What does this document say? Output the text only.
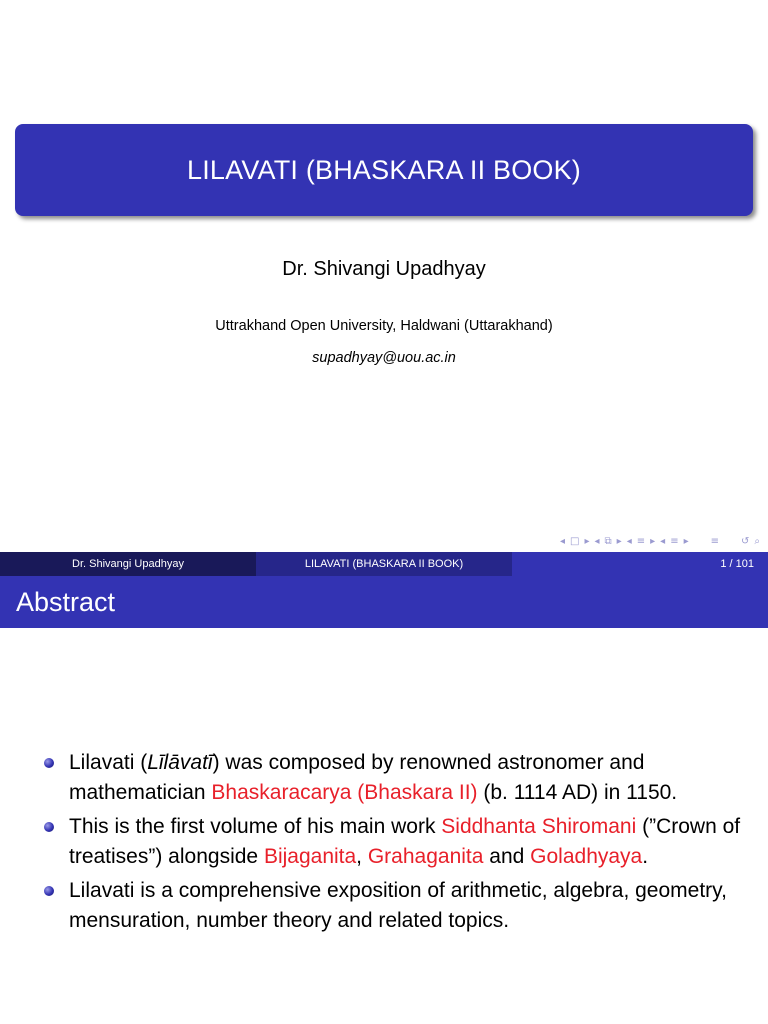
LILAVATI (BHASKARA II BOOK)
Dr. Shivangi Upadhyay
Uttrakhand Open University, Haldwani (Uttarakhand)
supadhyay@uou.ac.in
◂ □ ▸ ◂ ⧉ ▸ ◂ ≡ ▸ ◂ ≡ ▸ ≡ ↺ ⌕
Dr. Shivangi Upadhyay	LILAVATI (BHASKARA II BOOK)	1 / 101
Abstract
Lilavati (Līlāvatī) was composed by renowned astronomer and mathematician Bhaskaracarya (Bhaskara II) (b. 1114 AD) in 1150.
This is the first volume of his main work Siddhanta Shiromani (”Crown of treatises”) alongside Bijaganita, Grahaganita and Goladhyaya.
Lilavati is a comprehensive exposition of arithmetic, algebra, geometry, mensuration, number theory and related topics.
